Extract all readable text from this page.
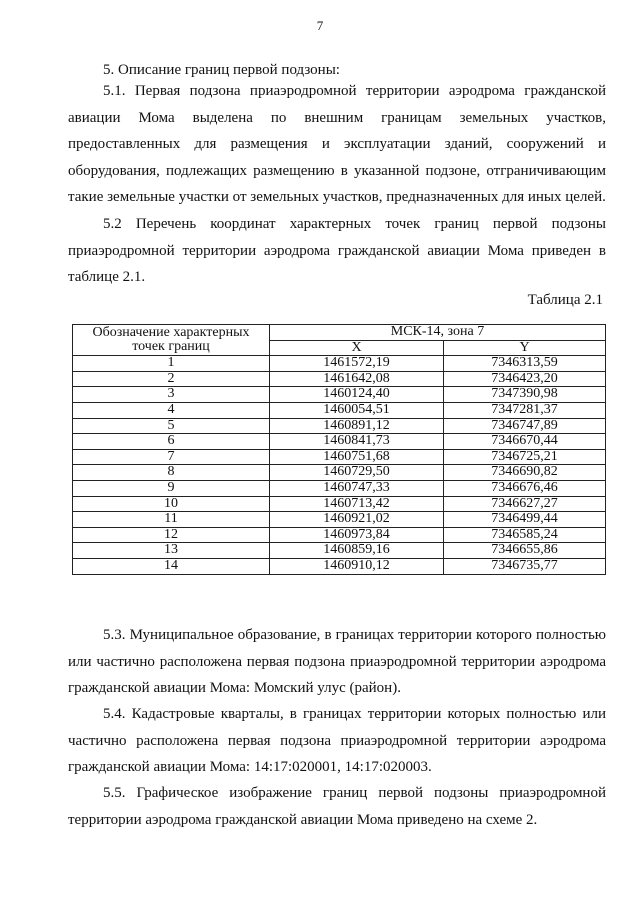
7
5. Описание границ первой подзоны:

5.1. Первая подзона приаэродромной территории аэродрома гражданской авиации Мома выделена по внешним границам земельных участков, предоставленных для размещения и эксплуатации зданий, сооружений и оборудования, подлежащих размещению в указанной подзоне, отграничивающим такие земельные участки от земельных участков, предназначенных для иных целей.

5.2 Перечень координат характерных точек границ первой подзоны приаэродромной территории аэродрома гражданской авиации Мома приведен в таблице 2.1.

Таблица 2.1
Обозначение характерных точек границ	МСК-14, зона 7	
	X	Y
1	1461572,19	7346313,59
2	1461642,08	7346423,20
3	1460124,40	7347390,98
4	1460054,51	7347281,37
5	1460891,12	7346747,89
6	1460841,73	7346670,44
7	1460751,68	7346725,21
8	1460729,50	7346690,82
9	1460747,33	7346676,46
10	1460713,42	7346627,27
11	1460921,02	7346499,44
12	1460973,84	7346585,24
13	1460859,16	7346655,86
14	1460910,12	7346735,77

5.3. Муниципальное образование, в границах территории которого полностью или частично расположена первая подзона приаэродромной территории аэродрома гражданской авиации Мома: Момский улус (район).

5.4. Кадастровые кварталы, в границах территории которых полностью или частично расположена первая подзона приаэродромной территории аэродрома гражданской авиации Мома: 14:17:020001, 14:17:020003.

5.5. Графическое изображение границ первой подзоны приаэродромной территории аэродрома гражданской авиации Мома приведено на схеме 2.
